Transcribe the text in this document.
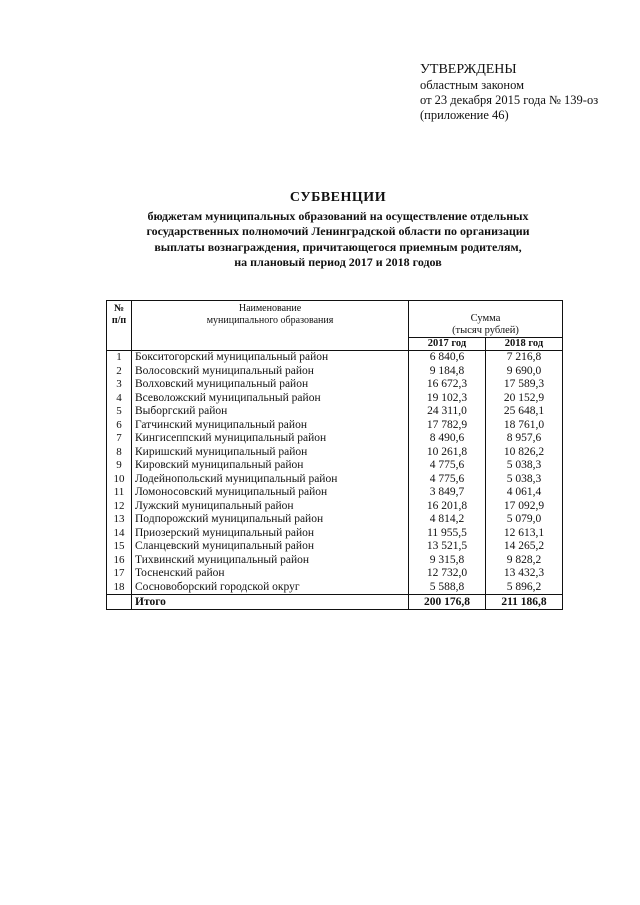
УТВЕРЖДЕНЫ
областным законом
от 23 декабря 2015 года № 139-оз
(приложение 46)
СУБВЕНЦИИ
бюджетам муниципальных образований на осуществление отдельных
государственных полномочий Ленинградской области по организации
выплаты вознаграждения, причитающегося приемным родителям,
на плановый период 2017 и 2018 годов
№
п/п	Наименование
муниципального образования	Сумма
(тысяч рублей)	
		2017 год	2018 год
1	Бокситогорский муниципальный район	6 840,6	7 216,8
2	Волосовский муниципальный район	9 184,8	9 690,0
3	Волховский муниципальный район	16 672,3	17 589,3
4	Всеволожский муниципальный район	19 102,3	20 152,9
5	Выборгский район	24 311,0	25 648,1
6	Гатчинский муниципальный район	17 782,9	18 761,0
7	Кингисеппский муниципальный район	8 490,6	8 957,6
8	Киришский муниципальный район	10 261,8	10 826,2
9	Кировский муниципальный район	4 775,6	5 038,3
10	Лодейнопольский муниципальный район	4 775,6	5 038,3
11	Ломоносовский муниципальный район	3 849,7	4 061,4
12	Лужский муниципальный район	16 201,8	17 092,9
13	Подпорожский муниципальный район	4 814,2	5 079,0
14	Приозерский муниципальный район	11 955,5	12 613,1
15	Сланцевский муниципальный район	13 521,5	14 265,2
16	Тихвинский муниципальный район	9 315,8	9 828,2
17	Тосненский район	12 732,0	13 432,3
18	Сосновоборский городской округ	5 588,8	5 896,2
	Итого	200 176,8	211 186,8
